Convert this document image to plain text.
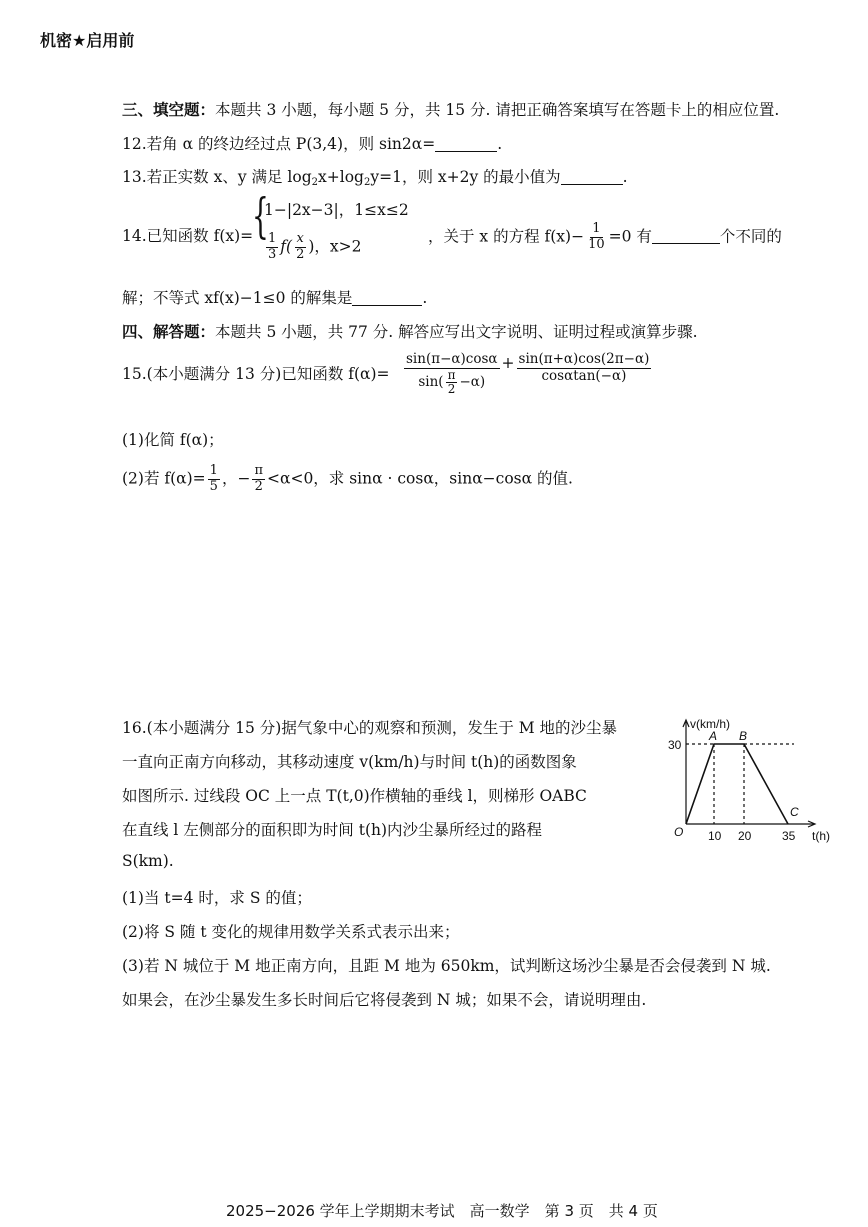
机密★启用前
三、填空题：本题共 3 小题，每小题 5 分，共 15 分. 请把正确答案填写在答题卡上的相应位置.
12.若角 α 的终边经过点 P(3,4)，则 sin2α=	.
13.若正实数 x、y 满足 $\log_2x+\log_2y=1$，则 x+2y 的最小值为	.
14.已知函数 f(x)=
{
1−|2x−3|，1≤x≤2
$\frac{1}{3} f( \frac{x}{2}$ )，x>2
，关于 x 的方程 $f(x)- \frac{1}{10} =0$ 有	个不同的
解；不等式 xf(x)−1≤0 的解集是	.
四、解答题：本题共 5 小题，共 77 分. 解答应写出文字说明、证明过程或演算步骤.
15.(本小题满分 13 分)已知函数 $f(\alpha)= \frac{\sin(\pi-\alpha)\cos\alpha}{\sin( \frac{\pi}{2} -\alpha)} + \frac{\sin(\pi+\alpha)\cos(2\pi-\alpha)}{\cos\alpha\tan(-\alpha)}$
(1)化简 f(α)；
(2)若 $f(\alpha)= \frac{1}{5}$ ，− $\frac{\pi}{2} <\alpha<0$，求 sinα · cosα，sinα−cosα 的值.
16.(本小题满分 15 分)据气象中心的观察和预测，发生于 M 地的沙尘暴
一直向正南方向移动，其移动速度 v(km/h)与时间 t(h)的函数图象
如图所示. 过线段 OC 上一点 T(t,0)作横轴的垂线 l，则梯形 OABC
在直线 l 左侧部分的面积即为时间 t(h)内沙尘暴所经过的路程
S(km).
(1)当 t=4 时，求 S 的值；
(2)将 S 随 t 变化的规律用数学关系式表示出来；
(3)若 N 城位于 M 地正南方向，且距 M 地为 650km，试判断这场沙尘暴是否会侵袭到 N 城.
如果会，在沙尘暴发生多长时间后它将侵袭到 N 城；如果不会，请说明理由.
v(km/h)
30
10 20	35 t(h)
O
A B
C
2025−2026 学年上学期期末考试　高一数学　第 3 页　共 4 页
